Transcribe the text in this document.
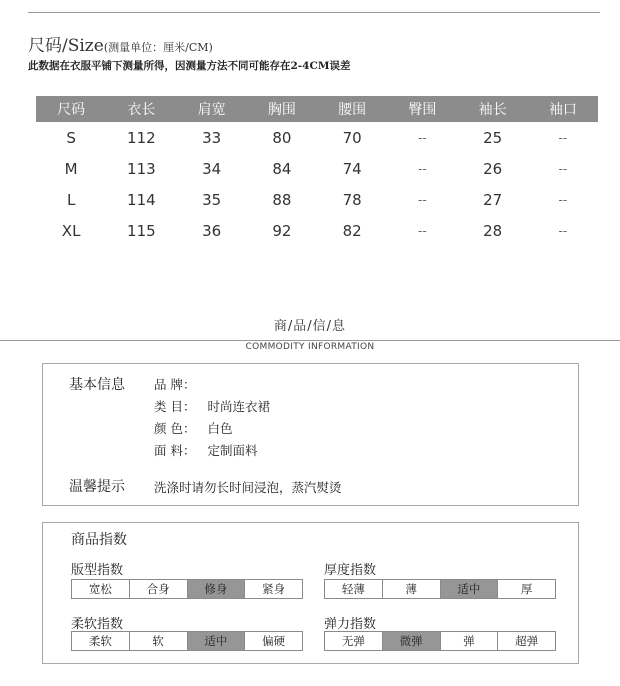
尺码/Size(测量单位：厘米/CM)
此数据在衣服平铺下测量所得，因测量方法不同可能存在2-4CM误差
尺码	衣长	肩宽	胸围	腰围	臀围	袖长	袖口
S	112	33	80	70	--	25	--
M	113	34	84	74	--	26	--
L	114	35	88	78	--	27	--
XL	115	36	92	82	--	28	--
商/品/信/息
COMMODITY INFORMATION
基本信息 品 牌：
类 目： 时尚连衣裙
颜 色： 白色
面 料： 定制面料
温馨提示 洗涤时请勿长时间浸泡，蒸汽熨烫
商品指数
版型指数
宽松	合身	修身	紧身
厚度指数
轻薄	薄	适中	厚
柔软指数
柔软	软	适中	偏硬
弹力指数
无弹	微弹	弹	超弹
